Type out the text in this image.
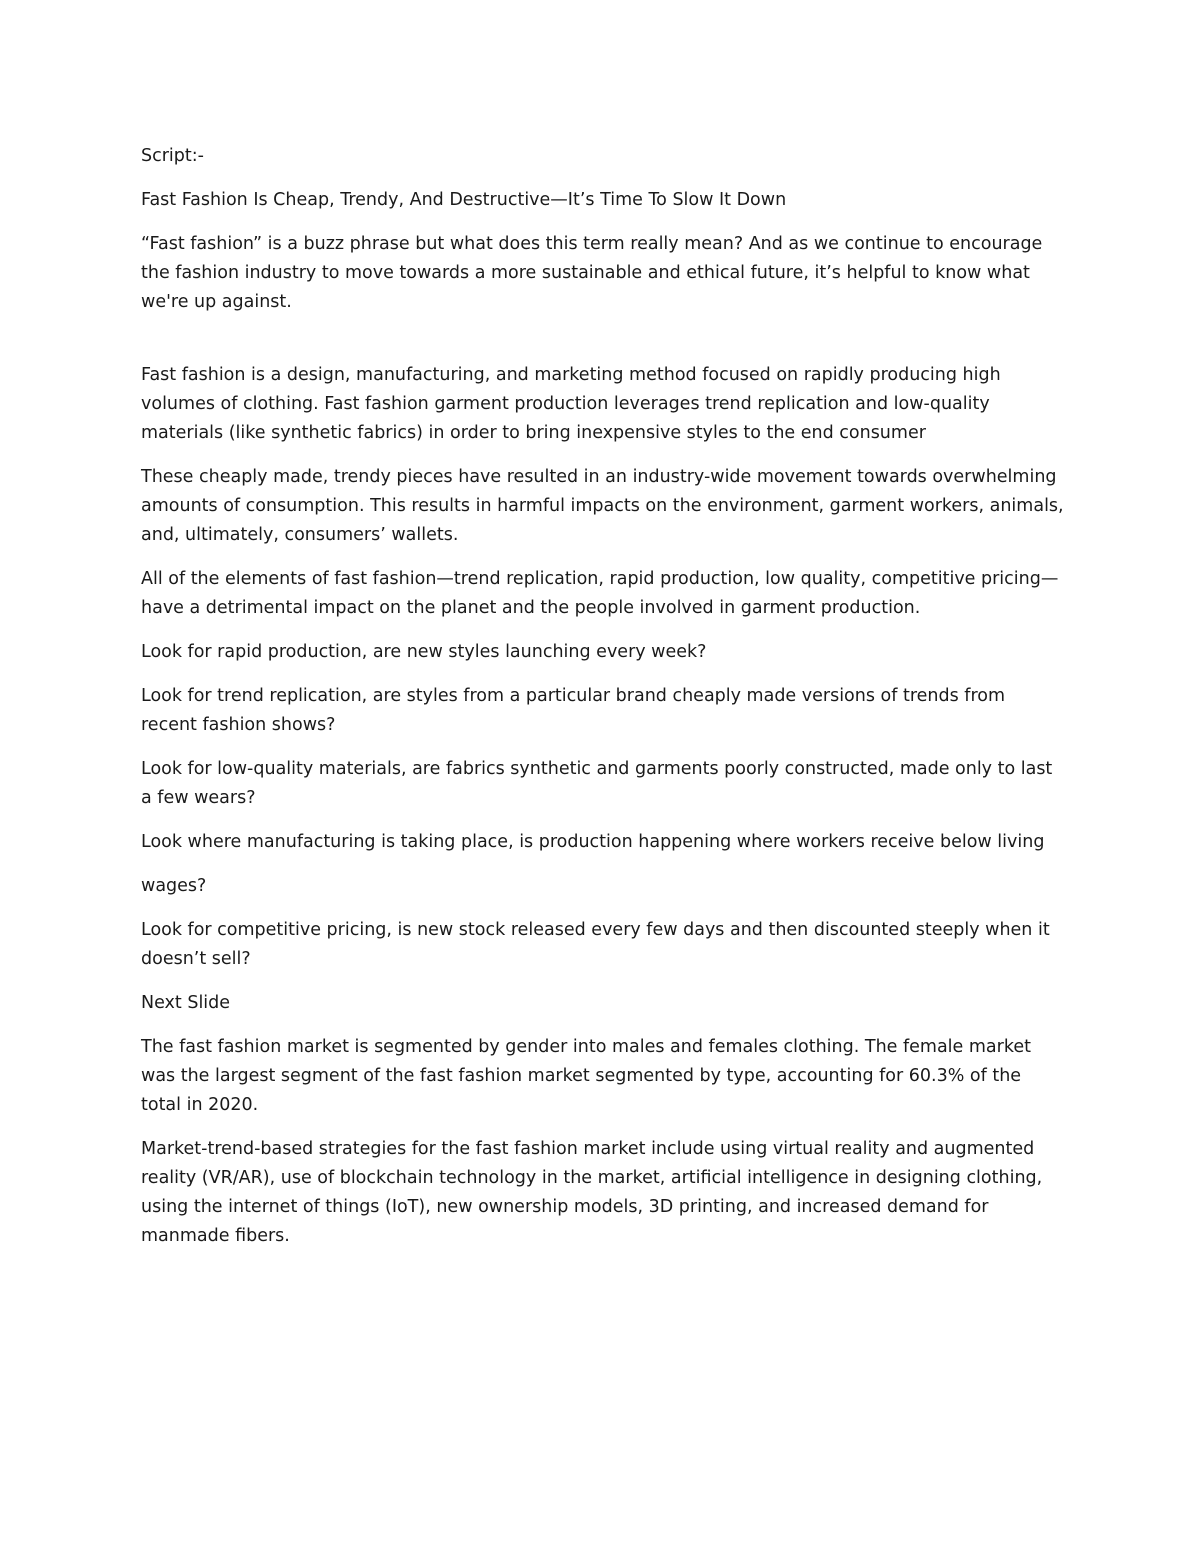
Script:-

Fast Fashion Is Cheap, Trendy, And Destructive—It’s Time To Slow It Down

“Fast fashion” is a buzz phrase but what does this term really mean? And as we continue to encourage the fashion industry to move towards a more sustainable and ethical future, it’s helpful to know what we're up against.

Fast fashion is a design, manufacturing, and marketing method focused on rapidly producing high volumes of clothing. Fast fashion garment production leverages trend replication and low-quality materials (like synthetic fabrics) in order to bring inexpensive styles to the end consumer

These cheaply made, trendy pieces have resulted in an industry-wide movement towards overwhelming amounts of consumption. This results in harmful impacts on the environment, garment workers, animals, and, ultimately, consumers’ wallets.

All of the elements of fast fashion—trend replication, rapid production, low quality, competitive pricing—have a detrimental impact on the planet and the people involved in garment production.

Look for rapid production, are new styles launching every week?

Look for trend replication, are styles from a particular brand cheaply made versions of trends from recent fashion shows?

Look for low-quality materials, are fabrics synthetic and garments poorly constructed, made only to last a few wears?

Look where manufacturing is taking place, is production happening where workers receive below living

wages?

Look for competitive pricing, is new stock released every few days and then discounted steeply when it doesn’t sell?

Next Slide

The fast fashion market is segmented by gender into males and females clothing. The female market was the largest segment of the fast fashion market segmented by type, accounting for 60.3% of the total in 2020.

Market-trend-based strategies for the fast fashion market include using virtual reality and augmented reality (VR/AR), use of blockchain technology in the market, artificial intelligence in designing clothing, using the internet of things (IoT), new ownership models, 3D printing, and increased demand for manmade fibers.
